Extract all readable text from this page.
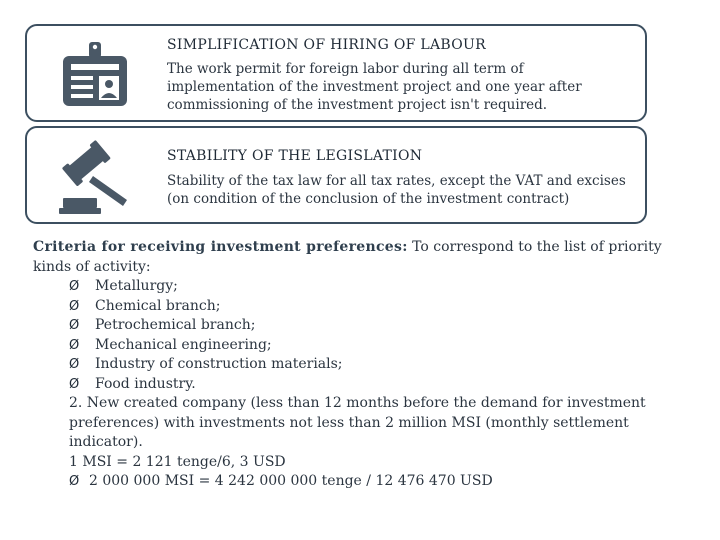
SIMPLIFICATION OF HIRING OF LABOUR
The work permit for foreign labor during all term of implementation of the investment project and one year after commissioning of the investment project isn't required.
STABILITY OF THE LEGISLATION
Stability of the tax law for all tax rates, except the VAT and excises (on condition of the conclusion of the investment contract)
Criteria for receiving investment preferences: To correspond to the list of priority kinds of activity:
Ø Metallurgy;
Ø Chemical branch;
Ø Petrochemical branch;
Ø Mechanical engineering;
Ø Industry of construction materials;
Ø Food industry.
2. New created company (less than 12 months before the demand for investment preferences) with investments not less than 2 million MSI (monthly settlement indicator).
1 MSI = 2 121 tenge/6, 3 USD
Ø 2 000 000 MSI = 4 242 000 000 tenge / 12 476 470 USD
